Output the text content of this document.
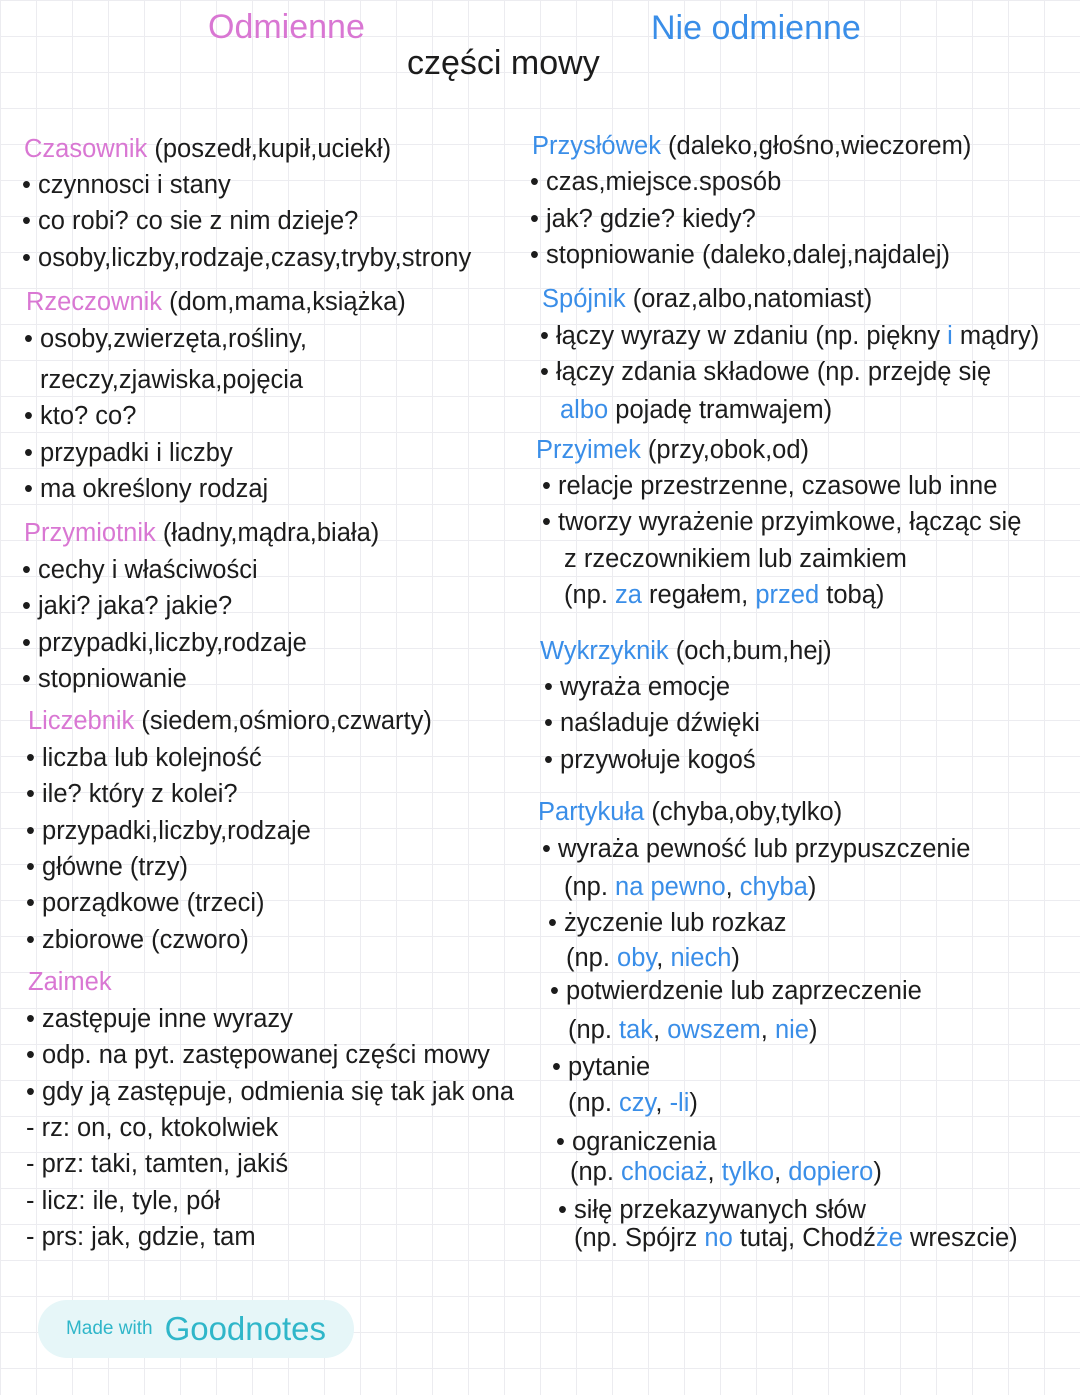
Odmienne	Nie odmienne
części mowy
Czasownik (poszedł,kupił,uciekł)
• czynnosci i stany
• co robi? co sie z nim dzieje?
• osoby,liczby,rodzaje,czasy,tryby,strony
Rzeczownik (dom,mama,książka)
• osoby,zwierzęta,rośliny,
rzeczy,zjawiska,pojęcia
• kto? co?
• przypadki i liczby
• ma określony rodzaj
Przymiotnik (ładny,mądra,biała)
• cechy i właściwości
• jaki? jaka? jakie?
• przypadki,liczby,rodzaje
• stopniowanie
Liczebnik (siedem,ośmioro,czwarty)
• liczba lub kolejność
• ile? który z kolei?
• przypadki,liczby,rodzaje
• główne (trzy)
• porządkowe (trzeci)
• zbiorowe (czworo)
Zaimek
• zastępuje inne wyrazy
• odp. na pyt. zastępowanej części mowy
• gdy ją zastępuje, odmienia się tak jak ona
- rz: on, co, ktokolwiek
- prz: taki, tamten, jakiś
- licz: ile, tyle, pół
- prs: jak, gdzie, tam
Przysłówek (daleko,głośno,wieczorem)
• czas,miejsce.sposób
• jak? gdzie? kiedy?
• stopniowanie (daleko,dalej,najdalej)
Spójnik (oraz,albo,natomiast)
• łączy wyrazy w zdaniu (np. piękny i mądry)
• łączy zdania składowe (np. przejdę się
albo pojadę tramwajem)
Przyimek (przy,obok,od)
• relacje przestrzenne, czasowe lub inne
• tworzy wyrażenie przyimkowe, łącząc się
z rzeczownikiem lub zaimkiem
(np. za regałem, przed tobą)
Wykrzyknik (och,bum,hej)
• wyraża emocje
• naśladuje dźwięki
• przywołuje kogoś
Partykuła (chyba,oby,tylko)
• wyraża pewność lub przypuszczenie
(np. na pewno, chyba)
• życzenie lub rozkaz
(np. oby, niech)
• potwierdzenie lub zaprzeczenie
(np. tak, owszem, nie)
• pytanie
(np. czy, -li)
• ograniczenia
(np. chociaż, tylko, dopiero)
• siłę przekazywanych słów
(np. Spójrz no tutaj, Chodźże wreszcie)
Made with Goodnotes
